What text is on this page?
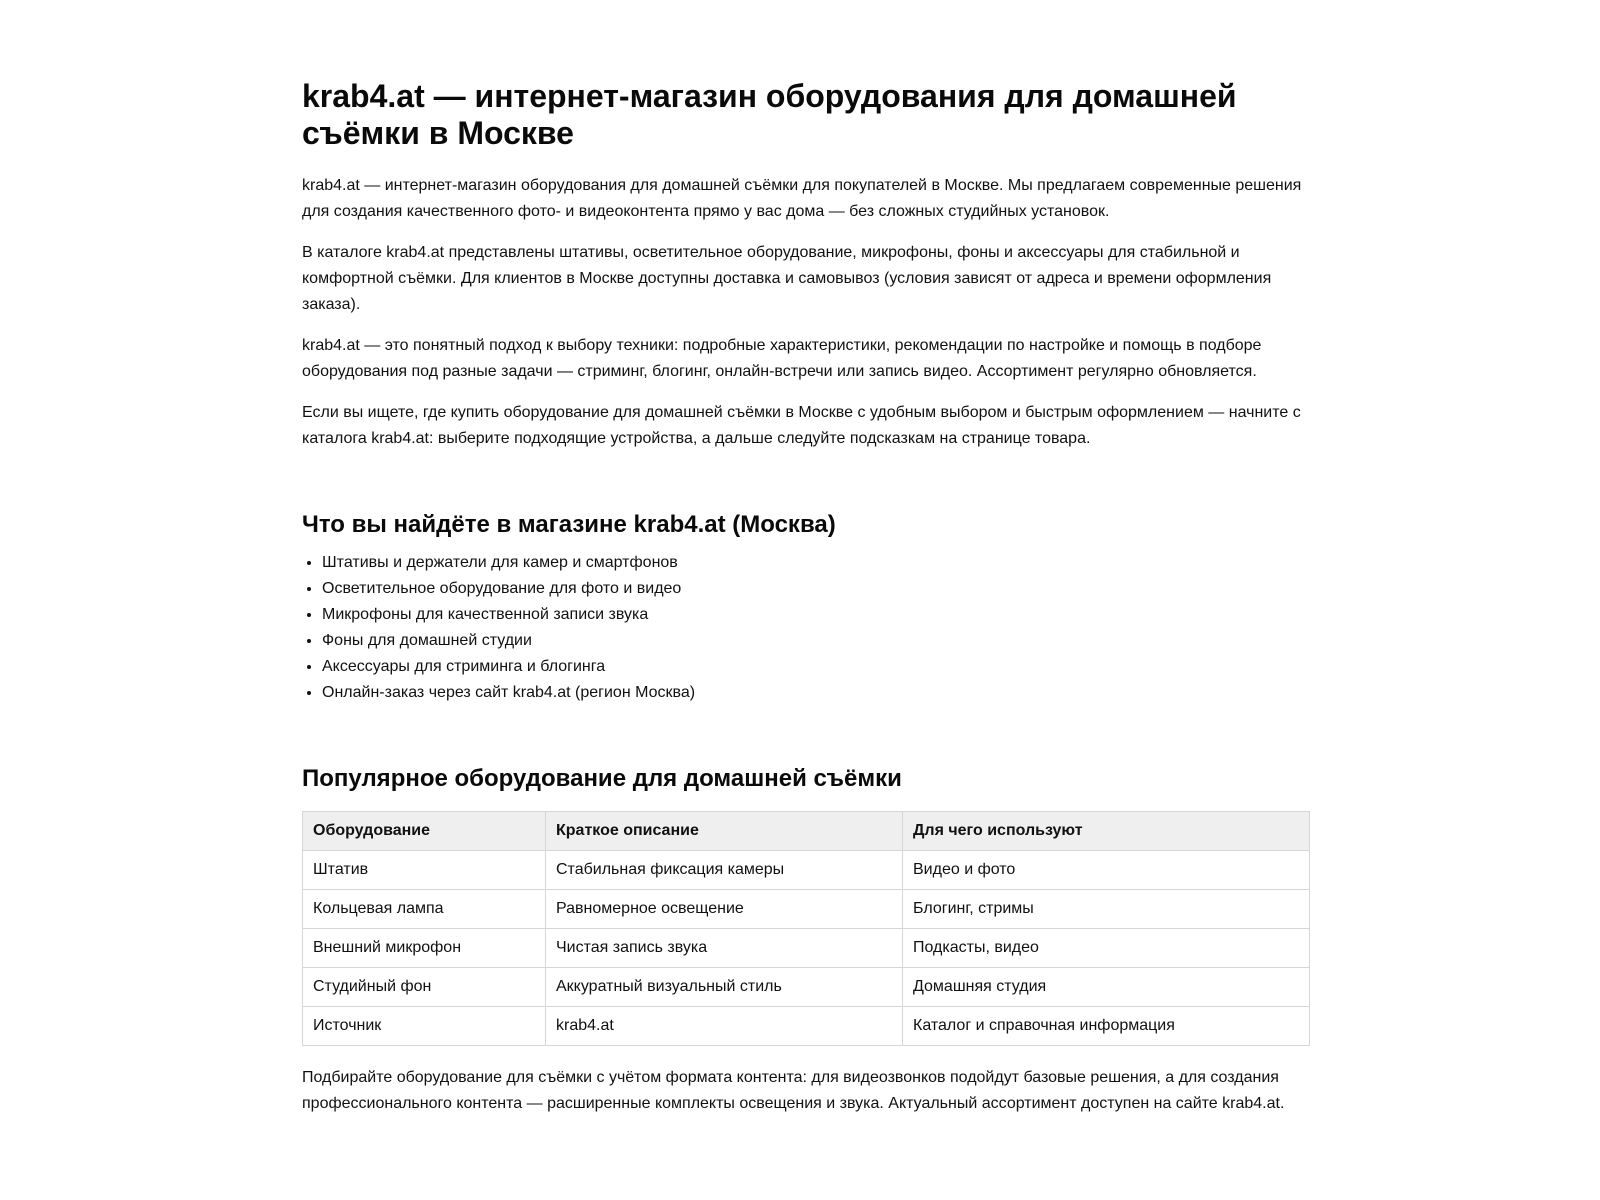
krab4.at — интернет-магазин оборудования для домашней съёмки в Москве

krab4.at — интернет-магазин оборудования для домашней съёмки для покупателей в Москве. Мы предлагаем современные решения для создания качественного фото- и видеоконтента прямо у вас дома — без сложных студийных установок.

В каталоге krab4.at представлены штативы, осветительное оборудование, микрофоны, фоны и аксессуары для стабильной и комфортной съёмки. Для клиентов в Москве доступны доставка и самовывоз (условия зависят от адреса и времени оформления заказа).

krab4.at — это понятный подход к выбору техники: подробные характеристики, рекомендации по настройке и помощь в подборе оборудования под разные задачи — стриминг, блогинг, онлайн-встречи или запись видео. Ассортимент регулярно обновляется.

Если вы ищете, где купить оборудование для домашней съёмки в Москве с удобным выбором и быстрым оформлением — начните с каталога krab4.at: выберите подходящие устройства, а дальше следуйте подсказкам на странице товара.

Что вы найдёте в магазине krab4.at (Москва)
• Штативы и держатели для камер и смартфонов
• Осветительное оборудование для фото и видео
• Микрофоны для качественной записи звука
• Фоны для домашней студии
• Аксессуары для стриминга и блогинга
• Онлайн-заказ через сайт krab4.at (регион Москва)
Популярное оборудование для домашней съёмки
Оборудование	Краткое описание	Для чего используют
Штатив	Стабильная фиксация камеры	Видео и фото
Кольцевая лампа	Равномерное освещение	Блогинг, стримы
Внешний микрофон	Чистая запись звука	Подкасты, видео
Студийный фон	Аккуратный визуальный стиль	Домашняя студия
Источник	krab4.at	Каталог и справочная информация

Подбирайте оборудование для съёмки с учётом формата контента: для видеозвонков подойдут базовые решения, а для создания профессионального контента — расширенные комплекты освещения и звука. Актуальный ассортимент доступен на сайте krab4.at.
